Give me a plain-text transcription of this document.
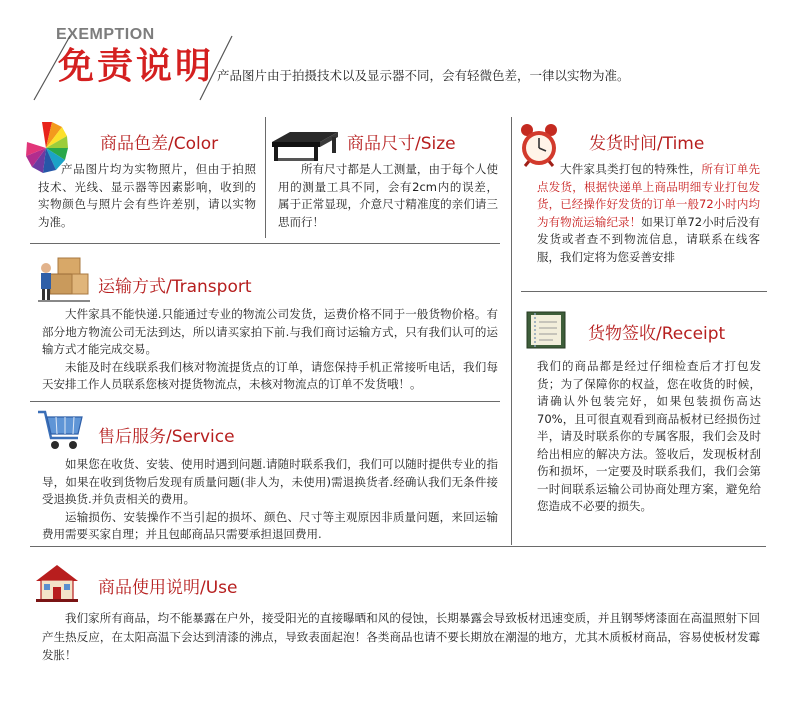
EXEMPTION
免责说明 产品图片由于拍摄技术以及显示器不同，会有轻微色差，一律以实物为准。
商品色差/Color
产品图片均为实物照片，但由于拍照技术、光线、显示器等因素影响，收到的实物颜色与照片会有些许差别，请以实物为准。
商品尺寸/Size
所有尺寸都是人工测量，由于每个人使用的测量工具不同，会有2cm内的误差，属于正常显现，介意尺寸精准度的亲们请三思而行！
发货时间/Time
大件家具类打包的特殊性，所有订单先点发货，根据快递单上商品明细专业打包发货，已经操作好发货的订单一般72小时内均为有物流运输纪录！如果订单72小时后没有发货或者查不到物流信息，请联系在线客服，我们定将为您妥善安排
运输方式/Transport

大件家具不能快递.只能通过专业的物流公司发货，运费价格不同于一般货物价格。有部分地方物流公司无法到达，所以请买家拍下前.与我们商讨运输方式，只有我们认可的运输方式才能完成交易。

未能及时在线联系我们核对物流提货点的订单，请您保持手机正常接听电话，我们每天安排工作人员联系您核对提货物流点，未核对物流点的订单不发货哦！。

货物签收/Receipt
我们的商品都是经过仔细检查后才打包发货；为了保障你的权益，您在收货的时候，请确认外包装完好，如果包装损伤高达70%，且可很直观看到商品板材已经损伤过半，请及时联系你的专属客服，我们会及时给出相应的解决方法。签收后，发现板材刮伤和损坏，一定要及时联系我们，我们会第一时间联系运输公司协商处理方案，避免给您造成不必要的损失。
售后服务/Service

如果您在收货、安装、使用时遇到问题.请随时联系我们，我们可以随时提供专业的指导，如果在收到货物后发现有质量问题(非人为，未使用)需退换货者.经确认我们无条件接受退换货.并负责相关的费用。

运输损伤、安装操作不当引起的损坏、颜色、尺寸等主观原因非质量问题，来回运输费用需要买家自理；并且包邮商品只需要承担退回费用.

商品使用说明/Use
我们家所有商品，均不能暴露在户外，接受阳光的直接曝晒和风的侵蚀，长期暴露会导致板材迅速变质，并且钢琴烤漆面在高温照射下回产生热反应，在太阳高温下会达到清漆的沸点，导致表面起泡！各类商品也请不要长期放在潮湿的地方，尤其木质板材商品，容易使板材发霉发胀！
